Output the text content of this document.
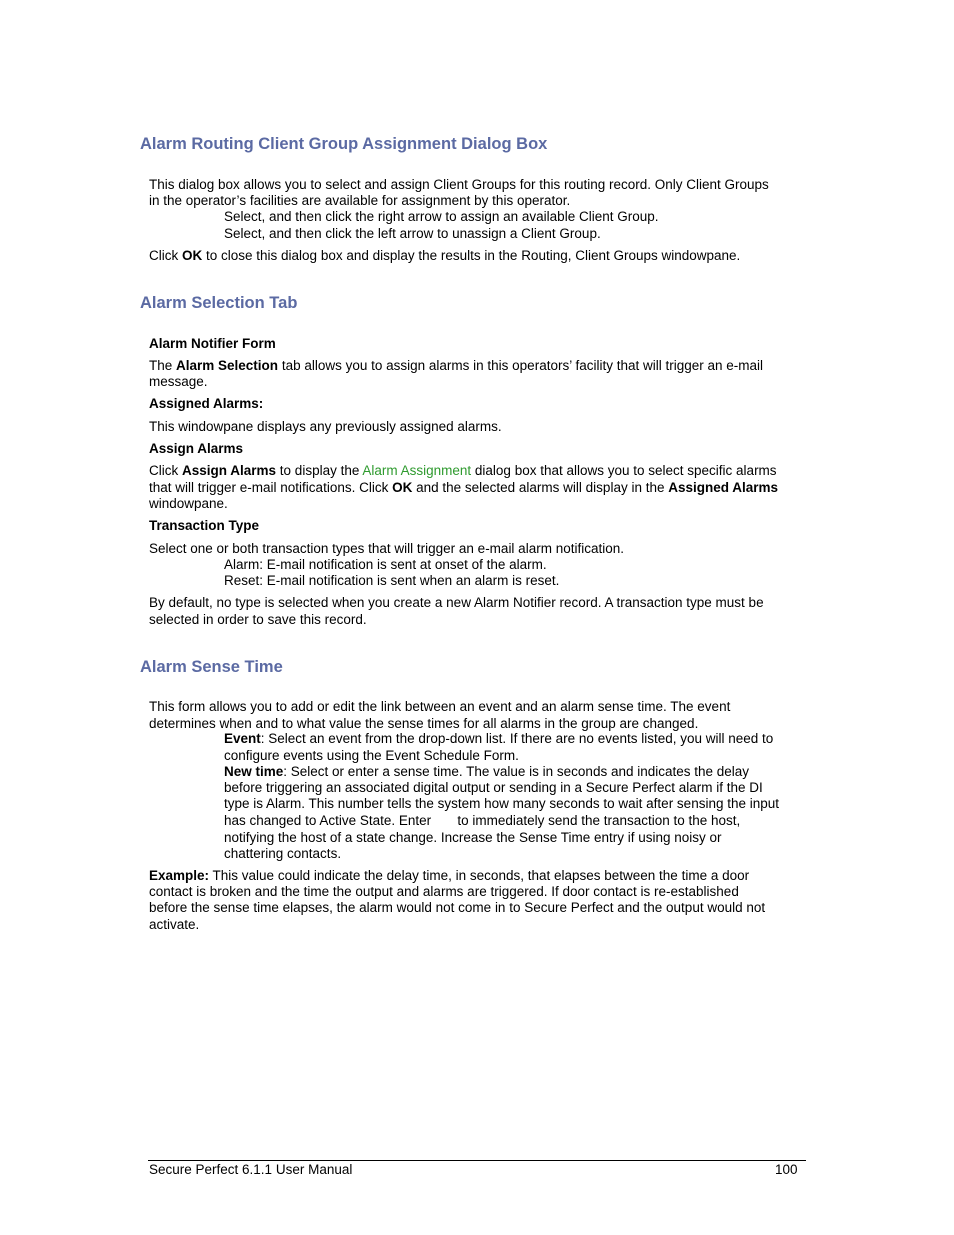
Alarm Routing Client Group Assignment Dialog Box

This dialog box allows you to select and assign Client Groups for this routing record. Only Client Groups

in the operator’s facilities are available for assignment by this operator.

Select, and then click the right arrow to assign an available Client Group.

Select, and then click the left arrow to unassign a Client Group.

Click OK to close this dialog box and display the results in the Routing, Client Groups windowpane.

Alarm Selection Tab

Alarm Notifier Form

The Alarm Selection tab allows you to assign alarms in this operators’ facility that will trigger an e-mail

message.

Assigned Alarms:

This windowpane displays any previously assigned alarms.

Assign Alarms

Click Assign Alarms to display the Alarm Assignment dialog box that allows you to select specific alarms

that will trigger e-mail notifications. Click OK and the selected alarms will display in the Assigned Alarms

windowpane.

Transaction Type

Select one or both transaction types that will trigger an e-mail alarm notification.

Alarm: E-mail notification is sent at onset of the alarm.

Reset: E-mail notification is sent when an alarm is reset.

By default, no type is selected when you create a new Alarm Notifier record. A transaction type must be

selected in order to save this record.

Alarm Sense Time

This form allows you to add or edit the link between an event and an alarm sense time. The event

determines when and to what value the sense times for all alarms in the group are changed.

Event: Select an event from the drop-down list. If there are no events listed, you will need to

configure events using the Event Schedule Form.

New time: Select or enter a sense time. The value is in seconds and indicates the delay

before triggering an associated digital output or sending in a Secure Perfect alarm if the DI

type is Alarm. This number tells the system how many seconds to wait after sensing the input

has changed to Active State. Enter       to immediately send the transaction to the host,

notifying the host of a state change. Increase the Sense Time entry if using noisy or

chattering contacts.

Example: This value could indicate the delay time, in seconds, that elapses between the time a door

contact is broken and the time the output and alarms are triggered. If door contact is re-established

before the sense time elapses, the alarm would not come in to Secure Perfect and the output would not

activate.

Secure Perfect 6.1.1 User Manual	100
